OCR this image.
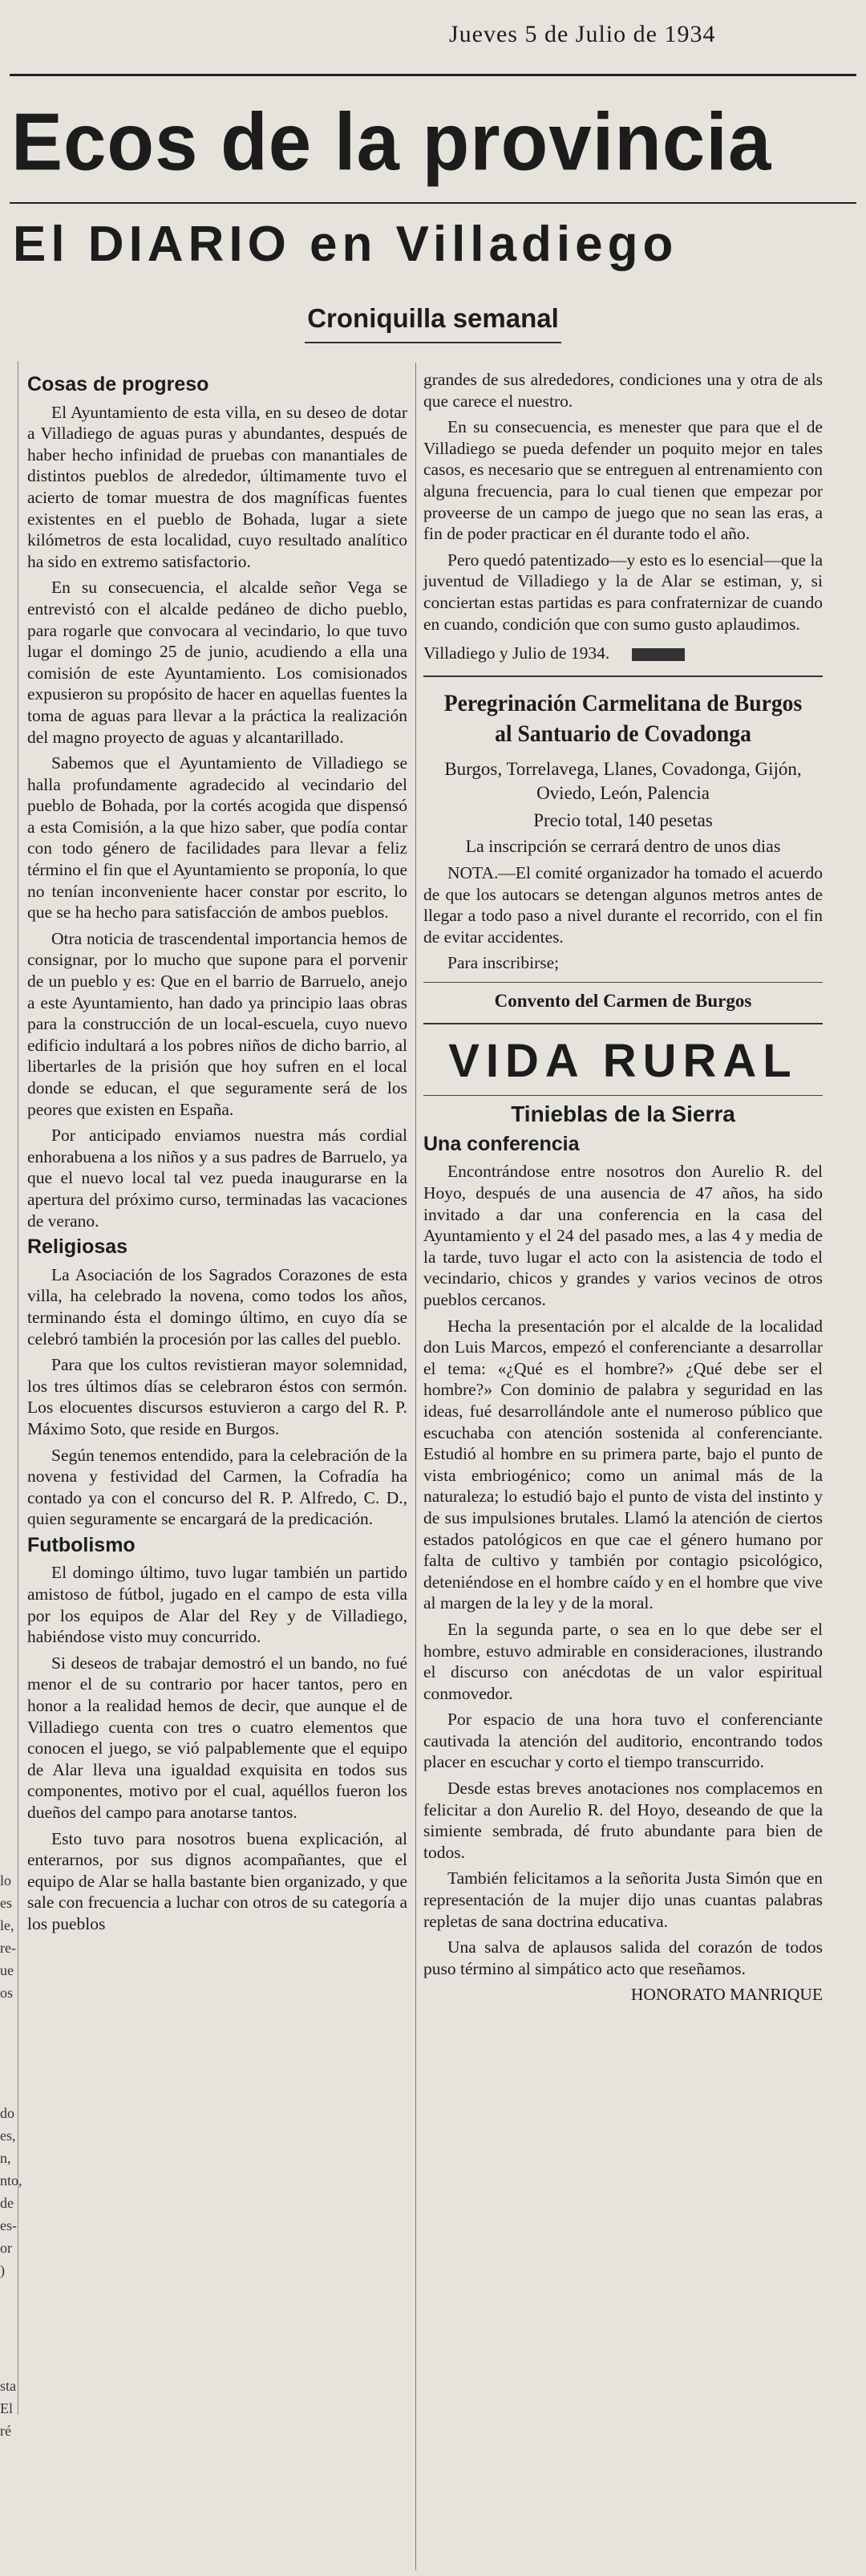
Jueves 5 de Julio de 1934
Ecos de la provincia
El DIARIO en Villadiego
Croniquilla semanal
lo
es
le,
re-
ue
os
do
es,
n,
nto,
de
es-
or
)
sta
El
ré
Cosas de progreso

El Ayuntamiento de esta villa, en su deseo de dotar a Villadiego de aguas puras y abundantes, después de haber hecho infinidad de pruebas con manantiales de distintos pueblos de alrededor, últimamente tuvo el acierto de tomar muestra de dos magníficas fuentes existentes en el pueblo de Bohada, lugar a siete kilómetros de esta localidad, cuyo resultado analítico ha sido en extremo satisfactorio.

En su consecuencia, el alcalde señor Vega se entrevistó con el alcalde pedáneo de dicho pueblo, para rogarle que convocara al vecindario, lo que tuvo lugar el domingo 25 de junio, acudiendo a ella una comisión de este Ayuntamiento. Los comisionados expusieron su propósito de hacer en aquellas fuentes la toma de aguas para llevar a la práctica la realización del magno proyecto de aguas y alcantarillado.

Sabemos que el Ayuntamiento de Villadiego se halla profundamente agradecido al vecindario del pueblo de Bohada, por la cortés acogida que dispensó a esta Comisión, a la que hizo saber, que podía contar con todo género de facilidades para llevar a feliz término el fin que el Ayuntamiento se proponía, lo que no tenían inconveniente hacer constar por escrito, lo que se ha hecho para satisfacción de ambos pueblos.

Otra noticia de trascendental importancia hemos de consignar, por lo mucho que supone para el porvenir de un pueblo y es: Que en el barrio de Barruelo, anejo a este Ayuntamiento, han dado ya principio laas obras para la construcción de un local-escuela, cuyo nuevo edificio indultará a los pobres niños de dicho barrio, al libertarles de la prisión que hoy sufren en el local donde se educan, el que seguramente será de los peores que existen en España.

Por anticipado enviamos nuestra más cordial enhorabuena a los niños y a sus padres de Barruelo, ya que el nuevo local tal vez pueda inaugurarse en la apertura del próximo curso, terminadas las vacaciones de verano.

Religiosas

La Asociación de los Sagrados Corazones de esta villa, ha celebrado la novena, como todos los años, terminando ésta el domingo último, en cuyo día se celebró también la procesión por las calles del pueblo.

Para que los cultos revistieran mayor solemnidad, los tres últimos días se celebraron éstos con sermón. Los elocuentes discursos estuvieron a cargo del R. P. Máximo Soto, que reside en Burgos.

Según tenemos entendido, para la celebración de la novena y festividad del Carmen, la Cofradía ha contado ya con el concurso del R. P. Alfredo, C. D., quien seguramente se encargará de la predicación.

Futbolismo

El domingo último, tuvo lugar también un partido amistoso de fútbol, jugado en el campo de esta villa por los equipos de Alar del Rey y de Villadiego, habiéndose visto muy concurrido.

Si deseos de trabajar demostró el un bando, no fué menor el de su contrario por hacer tantos, pero en honor a la realidad hemos de decir, que aunque el de Villadiego cuenta con tres o cuatro elementos que conocen el juego, se vió palpablemente que el equipo de Alar lleva una igualdad exquisita en todos sus componentes, motivo por el cual, aquéllos fueron los dueños del campo para anotarse tantos.

Esto tuvo para nosotros buena explicación, al enterarnos, por sus dignos acompañantes, que el equipo de Alar se halla bastante bien organizado, y que sale con frecuencia a luchar con otros de su categoría a los pueblos

grandes de sus alrededores, condiciones una y otra de als que carece el nuestro.

En su consecuencia, es menester que para que el de Villadiego se pueda defender un poquito mejor en tales casos, es necesario que se entreguen al entrenamiento con alguna frecuencia, para lo cual tienen que empezar por proveerse de un campo de juego que no sean las eras, a fin de poder practicar en él durante todo el año.

Pero quedó patentizado—y esto es lo esencial—que la juventud de Villadiego y la de Alar se estiman, y, si conciertan estas partidas es para confraternizar de cuando en cuando, condición que con sumo gusto aplaudimos.

Villadiego y Julio de 1934.

Peregrinación Carmelitana de Burgos al Santuario de Covadonga

Burgos, Torrelavega, Llanes, Covadonga, Gijón, Oviedo, León, Palencia

Precio total, 140 pesetas

La inscripción se cerrará dentro de unos dias

NOTA.—El comité organizador ha tomado el acuerdo de que los autocars se detengan algunos metros antes de llegar a todo paso a nivel durante el recorrido, con el fin de evitar accidentes.

Para inscribirse;

Convento del Carmen de Burgos

VIDA RURAL
Tinieblas de la Sierra
Una conferencia

Encontrándose entre nosotros don Aurelio R. del Hoyo, después de una ausencia de 47 años, ha sido invitado a dar una conferencia en la casa del Ayuntamiento y el 24 del pasado mes, a las 4 y media de la tarde, tuvo lugar el acto con la asistencia de todo el vecindario, chicos y grandes y varios vecinos de otros pueblos cercanos.

Hecha la presentación por el alcalde de la localidad don Luis Marcos, empezó el conferenciante a desarrollar el tema: «¿Qué es el hombre?» ¿Qué debe ser el hombre?» Con dominio de palabra y seguridad en las ideas, fué desarrollándole ante el numeroso público que escuchaba con atención sostenida al conferenciante. Estudió al hombre en su primera parte, bajo el punto de vista embriogénico; como un animal más de la naturaleza; lo estudió bajo el punto de vista del instinto y de sus impulsiones brutales. Llamó la atención de ciertos estados patológicos en que cae el género humano por falta de cultivo y también por contagio psicológico, deteniéndose en el hombre caído y en el hombre que vive al margen de la ley y de la moral.

En la segunda parte, o sea en lo que debe ser el hombre, estuvo admirable en consideraciones, ilustrando el discurso con anécdotas de un valor espiritual conmovedor.

Por espacio de una hora tuvo el conferenciante cautivada la atención del auditorio, encontrando todos placer en escuchar y corto el tiempo transcurrido.

Desde estas breves anotaciones nos complacemos en felicitar a don Aurelio R. del Hoyo, deseando de que la simiente sembrada, dé fruto abundante para bien de todos.

También felicitamos a la señorita Justa Simón que en representación de la mujer dijo unas cuantas palabras repletas de sana doctrina educativa.

Una salva de aplausos salida del corazón de todos puso término al simpático acto que reseñamos.

HONORATO MANRIQUE
